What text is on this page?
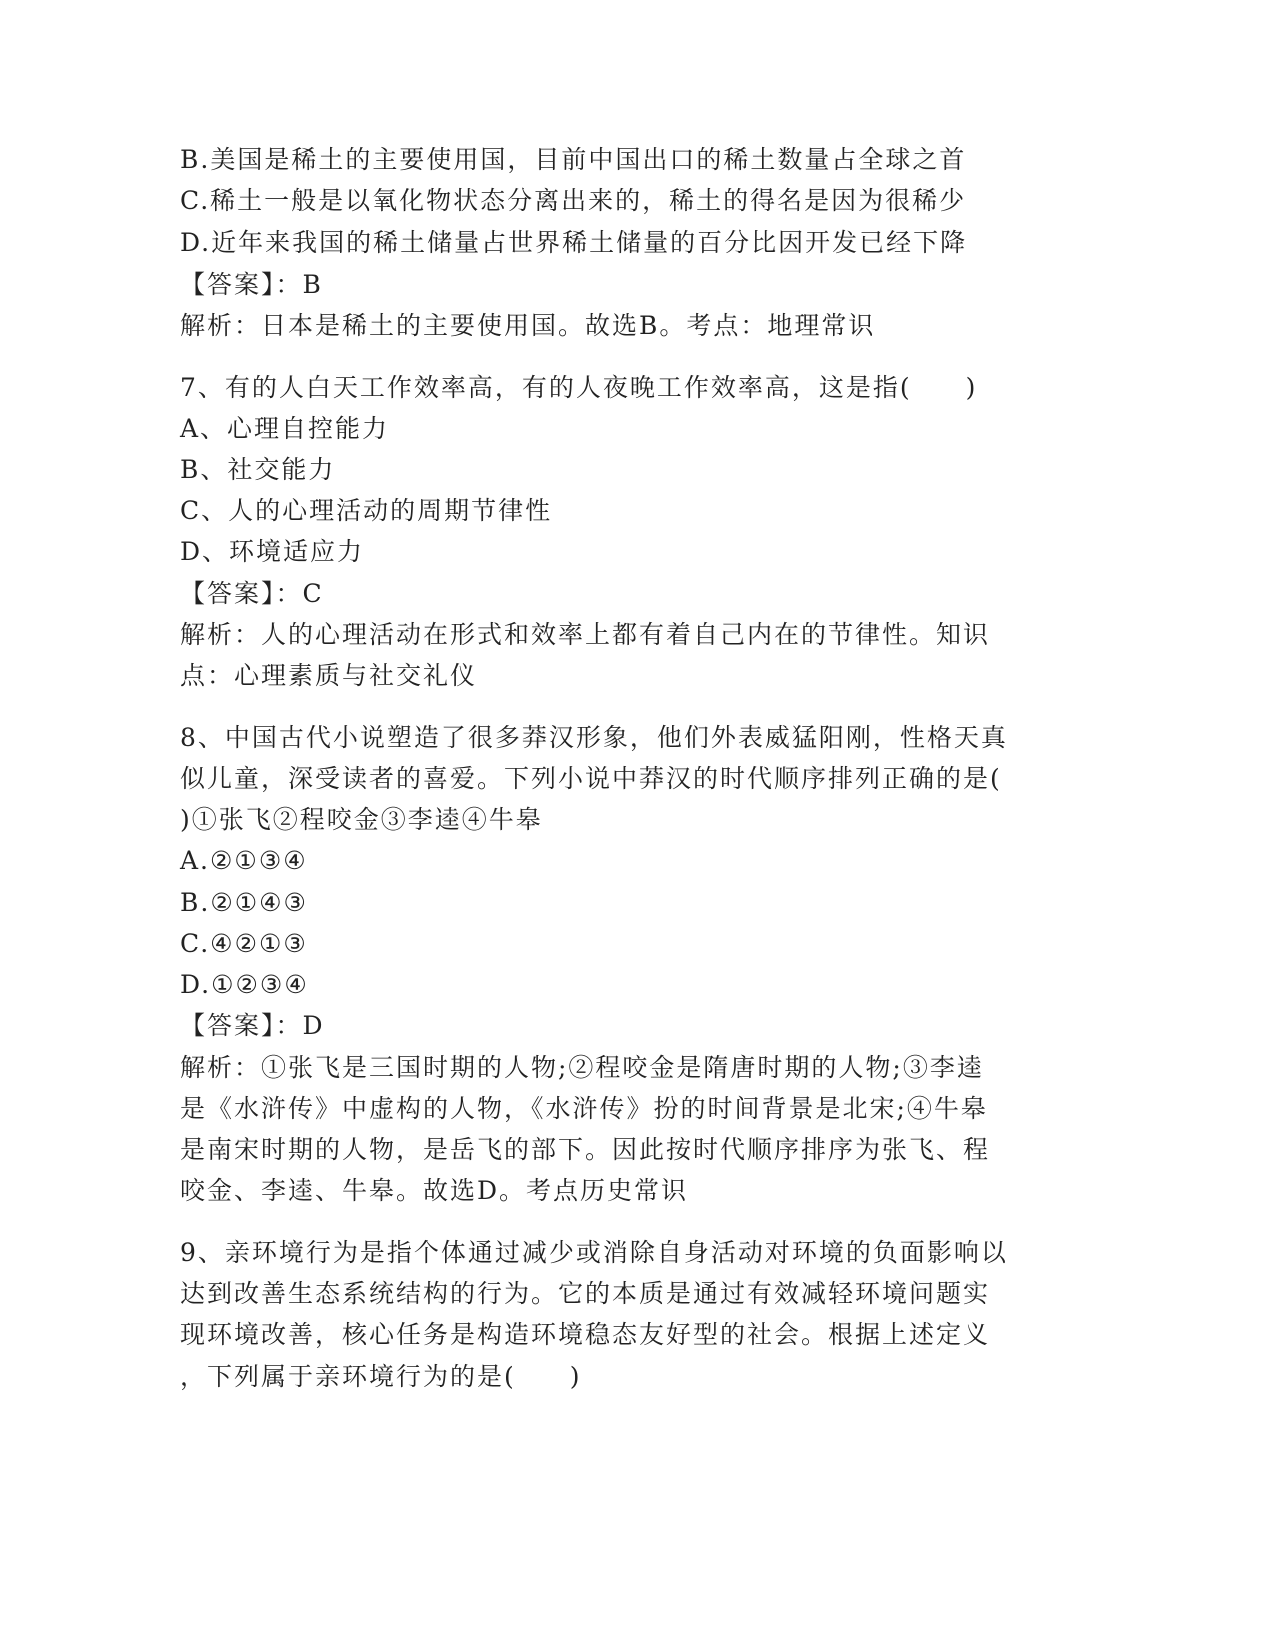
B.美国是稀土的主要使用国，目前中国出口的稀土数量占全球之首
C.稀土一般是以氧化物状态分离出来的，稀土的得名是因为很稀少
D.近年来我国的稀土储量占世界稀土储量的百分比因开发已经下降
【答案】：B
解析：日本是稀土的主要使用国。故选B。考点：地理常识
7、有的人白天工作效率高，有的人夜晚工作效率高，这是指(　　)
A、心理自控能力
B、社交能力
C、人的心理活动的周期节律性
D、环境适应力
【答案】：C
解析：人的心理活动在形式和效率上都有着自己内在的节律性。知识
点：心理素质与社交礼仪
8、中国古代小说塑造了很多莽汉形象，他们外表威猛阳刚，性格天真
似儿童，深受读者的喜爱。下列小说中莽汉的时代顺序排列正确的是(
)①张飞②程咬金③李逵④牛皋
A.②①③④
B.②①④③
C.④②①③
D.①②③④
【答案】：D
解析：①张飞是三国时期的人物;②程咬金是隋唐时期的人物;③李逵
是《水浒传》中虚构的人物，《水浒传》扮的时间背景是北宋;④牛皋
是南宋时期的人物，是岳飞的部下。因此按时代顺序排序为张飞、程
咬金、李逵、牛皋。故选D。考点历史常识
9、亲环境行为是指个体通过减少或消除自身活动对环境的负面影响以
达到改善生态系统结构的行为。它的本质是通过有效减轻环境问题实
现环境改善，核心任务是构造环境稳态友好型的社会。根据上述定义
，下列属于亲环境行为的是(　　)
